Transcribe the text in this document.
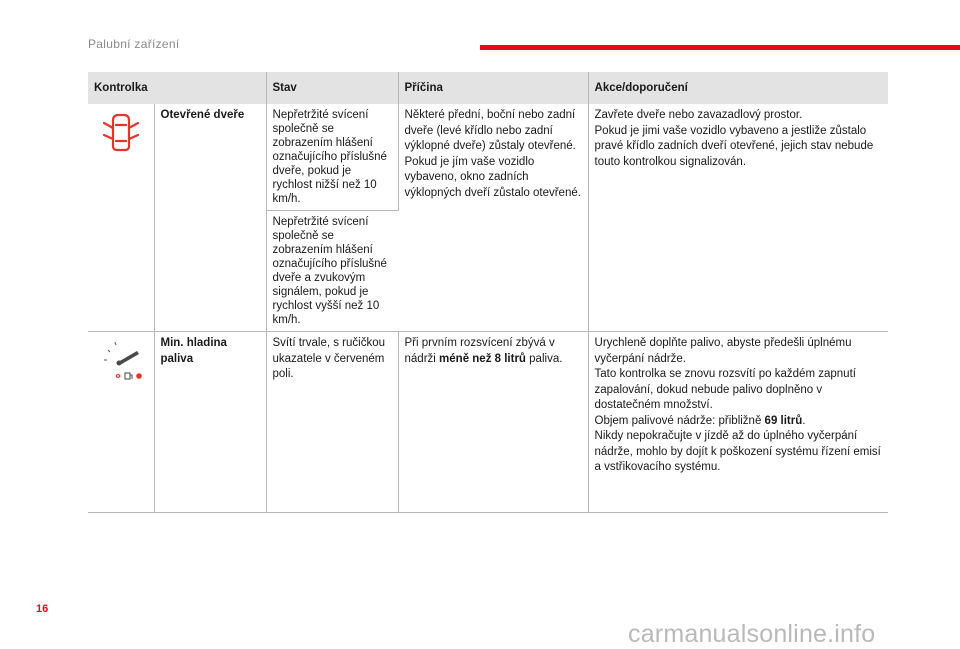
Palubní zařízení
Kontrolka		Stav	Příčina	Akce/doporučení

	Otevřené dveře	Nepřetržité svícení společně se zobrazením hlášení označujícího příslušné dveře, pokud je rychlost nižší než 10 km/h.	Některé přední, boční nebo zadní dveře (levé křídlo nebo zadní výklopné dveře) zůstaly otevřené. Pokud je jím vaše vozidlo vybaveno, okno zadních výklopných dveří zůstalo otevřené.	Zavřete dveře nebo zavazadlový prostor.
Pokud je jimi vaše vozidlo vybaveno a jestliže zůstalo pravé křídlo zadních dveří otevřené, jejich stav nebude touto kontrolkou signalizován.

		Nepřetržité svícení společně se zobrazením hlášení označujícího příslušné dveře a zvukovým signálem, pokud je rychlost vyšší než 10 km/h.		

	Min. hladina paliva	Svítí trvale, s ručičkou ukazatele v červeném poli.	Při prvním rozsvícení zbývá v nádrži méně než 8 litrů paliva.	Urychleně doplňte palivo, abyste předešli úplnému vyčerpání nádrže.
Tato kontrolka se znovu rozsvítí po každém zapnutí zapalování, dokud nebude palivo doplněno v dostatečném množství.
Objem palivové nádrže: přibližně 69 litrů.
Nikdy nepokračujte v jízdě až do úplného vyčerpání nádrže, mohlo by dojít k poškození systému řízení emisí a vstřikovacího systému.
16
carmanualsonline.info
